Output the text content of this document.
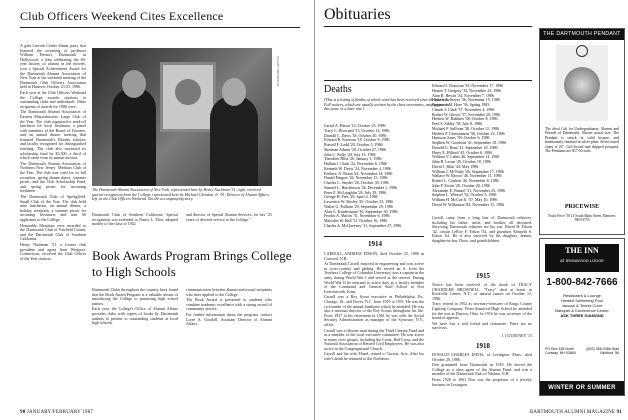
Club Officers Weekend Cites Excellence

A gala Lincoln Center dinner party that honored the screening of professor William Preuss's Dartmouth in Hollywood, a film celebrating the 60-year history of alumni in the movies, won a Special Achievement Award for the Dartmouth Alumni Association of New York at the weekend meeting of the Dartmouth Club Officers Association held in Hanover October 23-25, 1986.

Each year at the Club Officers Weekend the College awards citations to outstanding clubs and individuals. Other recipients of awards for 1986 were:

The Dartmouth Alumni Association of Eastern Massachusetts: Large Club of the Year. The club organized a send-off luncheon for local freshmen; a panel with members of the Board of Trustees; and an annual dinner meeting that featured Dartmouth's Rhodes scholars and faculty recognized for distinguished teaching. The club also increased its scholarship fund by $3,300, a third of which came from its annual auction.

The Dartmouth Alumni Association of Northern New Jersey: Medium Club of the Year. The club was cited for its fall reception, spring dinner-dance, summer picnic, and the Club Scholarship Fund, and spring picnic for incoming freshmen.

The Dartmouth Club of Springfield: Small Club of the Year. The club held nine luncheons, an annual dinner, a holiday reception, a summer picnic for incoming freshmen, and sent 60 applicants to the College.

Honorable Mentions were awarded to the Dartmouth Club of Fairfield County and the Dartmouth Club of Southern California.

Henry Nachman '51, a former club president and agent from Westport, Connecticut, received the Club Officer of the Year citation.

STUART SHEINBAUM
The Dartmouth Alumni Association of New York, represented here by Henry Nachman '51, right, received special recognition from the College, represented here by Michael Chroskar Jr. '91, Director of Alumni Affairs, left, at the Club Officers Weekend. See the accompanying story.

Dartmouth Club of Southern California. Special recognition was extended to Nancy L. Eliot, adopted mother of the class of 1942

and director of Special Alumni Services, for her "25 years of devoted service to the College."

Book Awards Program Brings College to High Schools

Dartmouth Clubs throughout the country have found that the Book Award Program is a valuable means of introducing the College to promising high school juniors.

Each year, the College's Office of Alumni Affairs provides clubs with copies of books by Dartmouth authors to present to outstanding students at local high schools.

communication between alumni and award recipients who have applied to the College.

The Book Award is presented to students who combine academic excellence with a strong record of community service.

For further information about the program, contact Loree A. Goodell, Assistant Director of Alumni Affairs.

90 JANUARY/FEBRUARY 1987
Obituaries
Deaths
[This is a listing of deaths of which word has been received since the last issue. Full notices, which are usually written by the class secretaries, may appear in this issue or a later one.]
Carrol A. Edson '14, October 25, 1986
Tracy C. Brownell '15, October 13, 1986
Donald C. Davis '18, October 20, 1986
Edward B. Esterson '18, October 9, 1986
Russell F. Ladd '20, October 5, 1986
Sherman Adams '20, October 27, 1986
John C. Kelly '20, July 13, 1986
Theodore Bliss '20, January 1, 1986
Hallam J. Clark '22, November 6, 1986
Kenneth W. Davis '24, November 4, 1986
Frederic N. Rotan '24, November 14, 1986
Daniel Pingree '26, November 15, 1986
Charles L. Snyder '26, October 30, 1986
Samuel L. Hutchinson '26, December 1, 1986
Peter F. McLaughlin '26, July 29, 1986
George H. Free '29, April 4, 1986
Lawrence W. Shirley '29, October 23, 1986
Walter G. Pulliam '29, September 29, 1986
Alan G. Kindermann '30, September 30, 1986
Feodor A. Martin '31, November 6, 1986
Malcolm W. Hall '31, October 16, 1986
Charles A. McQueeney '31, September 27, 1986
Edward J. Donovan '35, November 17, 1986
Homer T. Gregory '34, November 13, 1986
Alan R. Hewitt '34, November 7, 1986
Herbert A. Steyer '36, November 19, 1986
Benjamin M. Hare '36, Spring 1983
Claude J. Clark '37, November 4, 1986
Robert W. Glover '37, November 20, 1986
Herbert W. Rabbitts '38, October 8, 1986
Fred S. Sibley '38, July 8, 1986
Michael F. Sullivan '38, October 12, 1986
Herbert P. Christiansen '38, October 22, 1986
Harrison Jones '39, October 6, 1986
Stephen W. Goodwin '41, September 18, 1986
Donald G. Hunt '41, September 18, 1986
Harry E. Hilford '45, October 6, 1986
William V. Lahm '46, September 14, 1986
John B. Leone '45, October 18, 1986
David J. Blair '44, May 1986
William J. McNulty '46, September 17, 1986
Wallace W. Brown '46, November 11, 1986
Robert L. Caulton '46, November 8, 1986
John P. Erwin '49, October 20, 1986
Alexander E. Bunzel '51, November 25, 1986
Stephen L. Wiessel '54, October 5, 1986
William H. McCue Jr. '57, May 10, 1986
David W. Wilkinson '84, November 11, 1986
1914

CARROLL ANDREW EDSON, died October 25, 1986 in Concord, N.H.

At Dartmouth Carroll majored in engineering and was active in cross-country and gliding. He served an A. from the Teachers College of Columbia University, was a captain in the army during World War I and served in the reserve. During World War II he returned to active duty as a faculty member of the Command and General Staff School at Fort Leavenworth, Kans.

Carroll was a Boy Scout executive in Philadelphia, Pa., Chicago, Ill., and Dover, N.J., from 1919 to 1951. He was the co-founder of the annual Jamboree which he attended. He was also a national director of the Boy Scouts throughout his life. From 1937 to his retirement in 1961 he was with the Social Security Administration as manager of the Syracuse, N.Y., office.

Carroll was a fiftyone man during the Third Century Fund and as a member of the local executive committee. He was active in many civic groups, including the Lions, Red Cross, and the National Association of Retired Civil Employees. He was also active in the Congregational Church.

Carroll and his wife, Hazel, retired to Tucson, Ariz. After his wife's death he returned to the Northeast.

Carroll came from a long line of Dartmouth relatives, including his father, uncle, and brother, all deceased. Surviving Dartmouth relatives are his son, David H. Edson '42, cousin LeRoy F. Edson '54, and grandson Kenneth S. Edson '64. He is also survived by his daughter, Jeanne, daughter-in-law, Doris, and grandchildren.

1915

Notice has been received of the death of TRACY CHANDLER BROWNELL, "Tracy" died at home in Rockville Center, N.Y., of natural causes on October 13, 1986.

Tracy retired in 1952 as secretary-treasurer of Kings County Lighting Company. From Stamford High School he attended for the war in Dayton, Ohio. In 1916 he was secretary of the board of appeals.

We have lost a real friend and classmate. There are no survivors.

J. COURTNEY '15
1918

DONALD CHARLES DAVIS, of Lexington, Mass., died October 20, 1986.

Don graduated from Dartmouth in 1919. He served the College as a class agent of the Alumni Fund, and was a member of the Dartmouth Club of Nashua, N.H.

From 1920 to 1961 Don was the proprietor of a jewelry business in Lexington.

THE DARTMOUTH PENDANT
The ideal Gift for Undergraduates, Alumni and Friends of Dartmouth. Shown actual size. The Pendant is struck in solid bronze, and handsomely finished in silver plate. Silver tinted chain is 24". Gift boxed and shipped postpaid. The Pendants are $17.50 each.
PRICEWISE
Truck Price '50 13 South Main Street, Hanover, NH 03755
THE INN
AT IRONWOOD LODGE
1-800-842-7666
Restaurant & Lounge
Heated Swimming Pool
Jacuzzi & Tennis Court
Banquet & Conference Center
ASK THREE DIAMOND
PO Box 338 North Conway, NH 03860
(603) 356-9366 Walt Bickford '56
WINTER OR SUMMER
DARTMOUTH ALUMNI MAGAZINE 91
